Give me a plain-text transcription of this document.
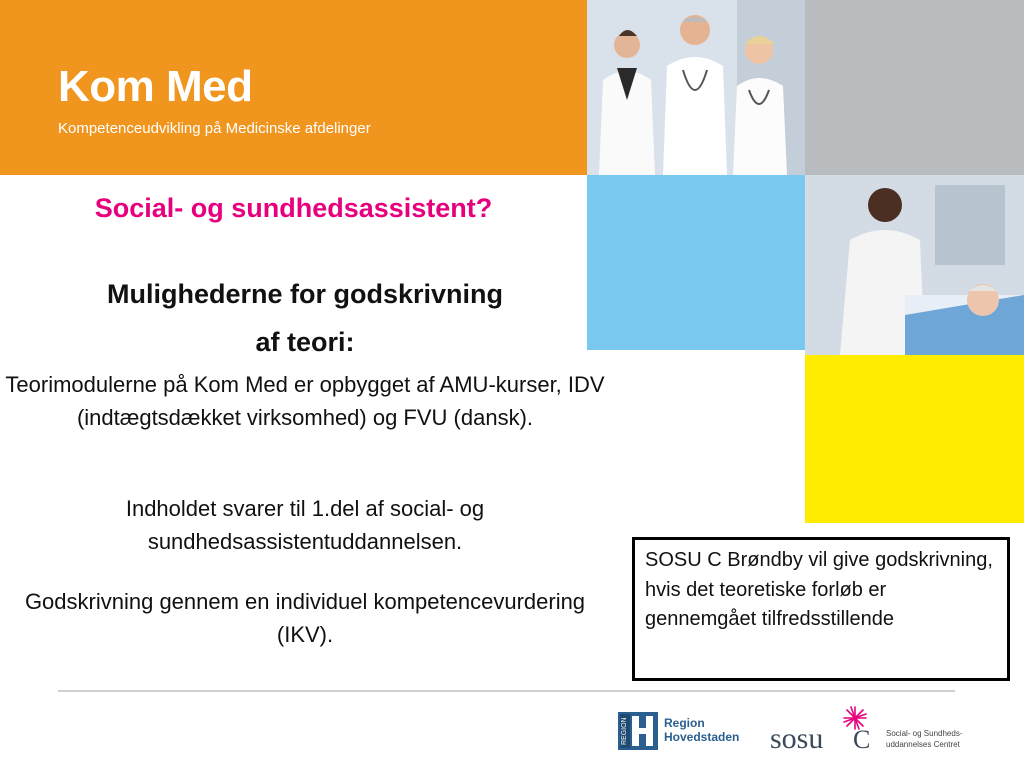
Kom Med
Kompetenceudvikling på Medicinske afdelinger
Social- og sundhedsassistent?
Mulighederne for godskrivning
af teori:

Teorimodulerne på Kom Med er opbygget af AMU-kurser, IDV (indtægtsdækket virksomhed) og FVU (dansk).

Indholdet svarer til 1.del af social- og sundhedsassistentuddannelsen.

Godskrivning gennem en individuel kompetencevurdering (IKV).

SOSU C Brøndby vil give godskrivning, hvis det teoretiske forløb er gennemgået tilfredsstillende
REGION	Region
Hovedstaden sosu C Social- og Sundheds-
uddannelses Centret
